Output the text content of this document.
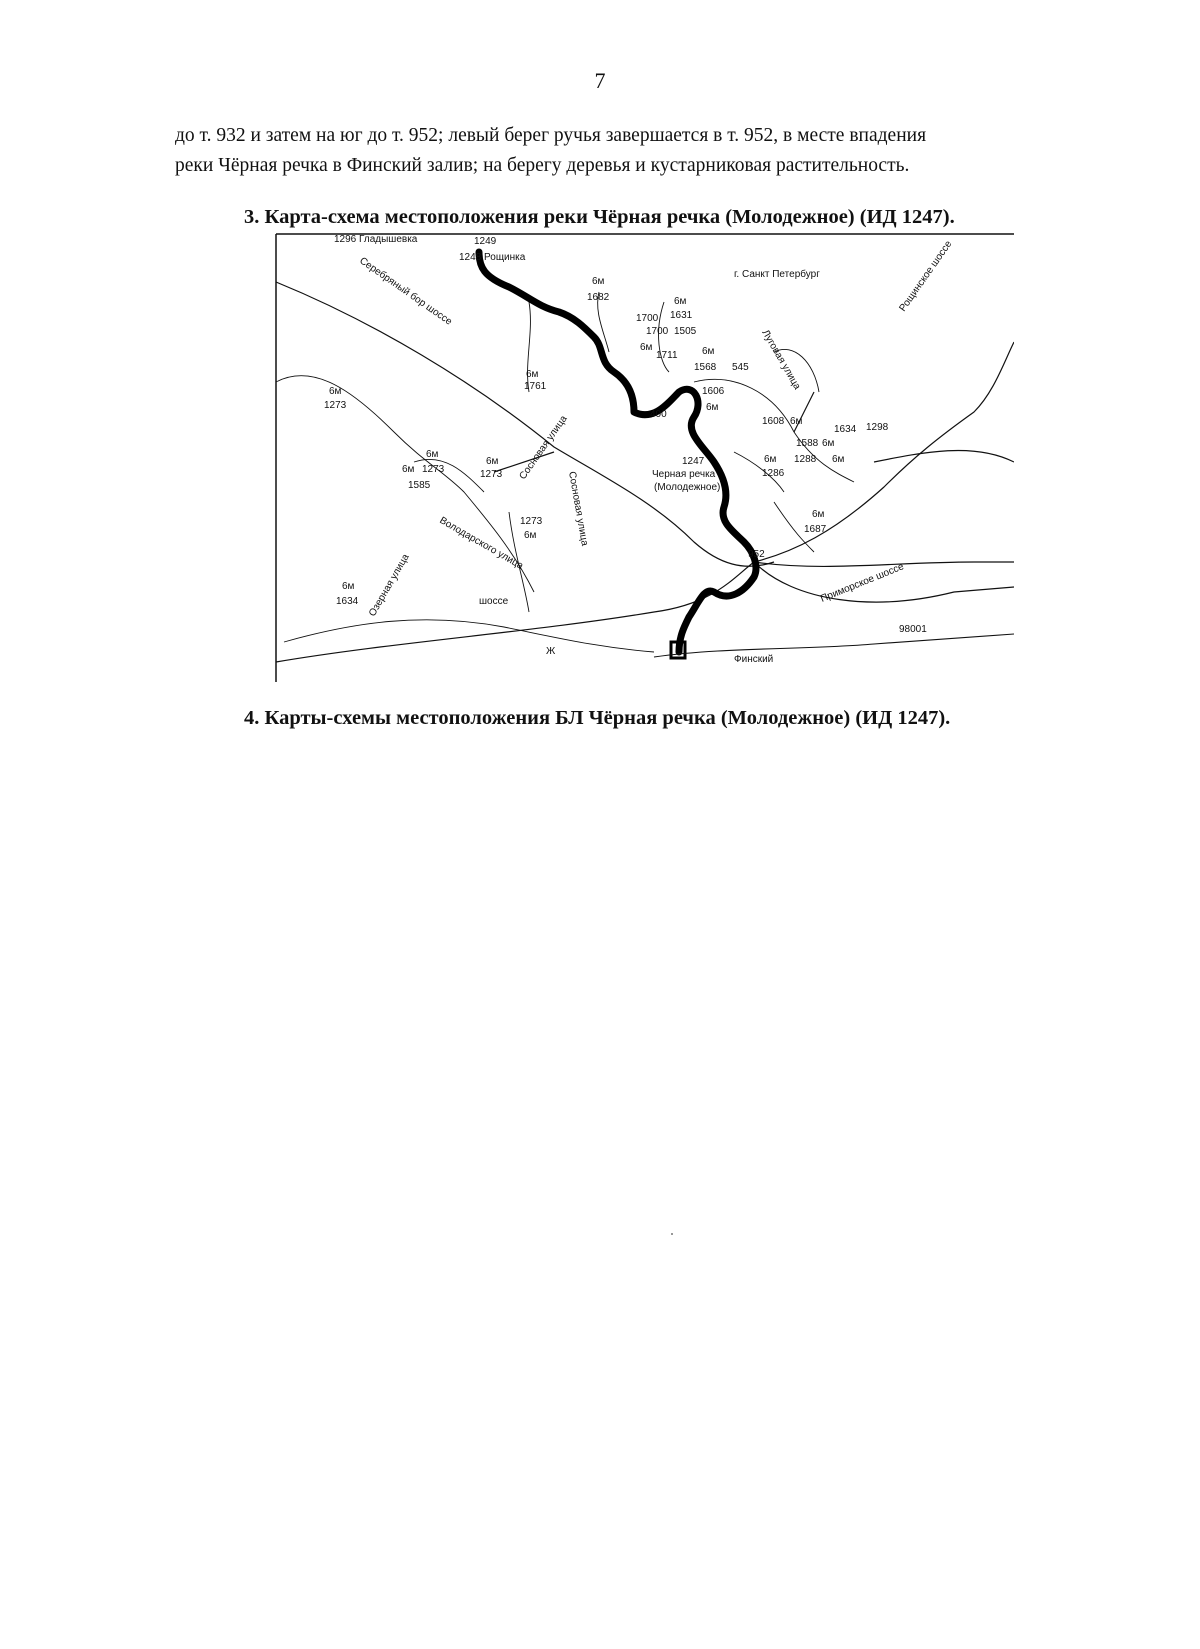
7
до т. 932 и затем на юг до т. 952; левый берег ручья завершается в т. 952, в месте впадения
реки Чёрная речка в Финский залив; на берегу деревья и кустарниковая растительность.
3. Карта-схема местоположения реки Чёрная речка (Молодежное) (ИД 1247).
1296 Гладышевка	1249
1248 Рощинка
г. Санкт Петербург	Рощинское шоссе
Серебряный бор шоссе	6м
1682	6м
1631
1700
1700 1505
6м
1711 6м
1568 545 Луговая улица
6м
1761	1606
6м
1608 6м
1634 1298
1588 6м
1288 6м
6м
1286
6м
1273
400
6м
1273
6м
1585
6м
1273
1247
Черная речка
(Молодежное)
1273
6м
Сосновая улица
Сосновая улица
Володарского улица
6м
1687
952
Приморское шоссе
6м
1634 Озерная улица	шоссе
Финский
98001
Ж
4. Карты-схемы местоположения БЛ Чёрная речка (Молодежное) (ИД 1247).
